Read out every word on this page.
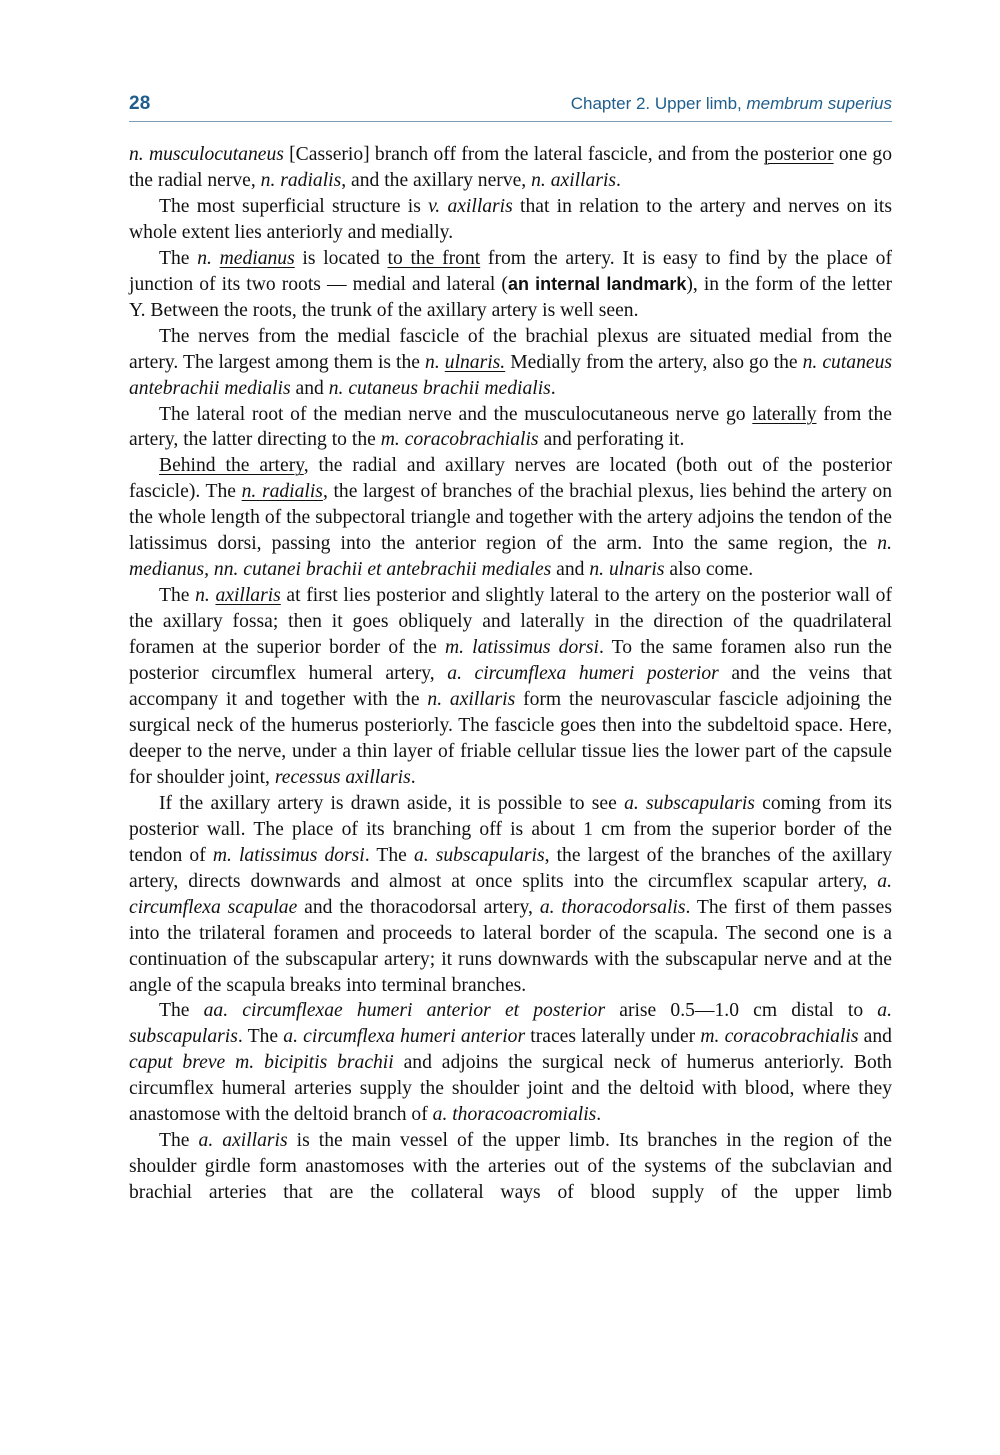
28	Chapter 2. Upper limb, membrum superius

n. musculocutaneus [Casserio] branch off from the lateral fascicle, and from the posterior one go the radial nerve, n. radialis, and the axillary nerve, n. axillaris.

The most superficial structure is v. axillaris that in relation to the artery and nerves on its whole extent lies anteriorly and medially.

The n. medianus is located to the front from the artery. It is easy to find by the place of junction of its two roots — medial and lateral (an internal landmark), in the form of the letter Y. Between the roots, the trunk of the axillary artery is well seen.

The nerves from the medial fascicle of the brachial plexus are situated medial from the artery. The largest among them is the n. ulnaris. Medially from the artery, also go the n. cutaneus antebrachii medialis and n. cutaneus brachii medialis.

The lateral root of the median nerve and the musculocutaneous nerve go laterally from the artery, the latter directing to the m. coracobrachialis and perforating it.

Behind the artery, the radial and axillary nerves are located (both out of the posterior fascicle). The n. radialis, the largest of branches of the brachial plexus, lies behind the artery on the whole length of the subpectoral triangle and together with the artery adjoins the tendon of the latissimus dorsi, passing into the anterior region of the arm. Into the same region, the n. medianus, nn. cutanei brachii et antebrachii mediales and n. ulnaris also come.

The n. axillaris at first lies posterior and slightly lateral to the artery on the posterior wall of the axillary fossa; then it goes obliquely and laterally in the direction of the quadrilateral foramen at the superior border of the m. latissimus dorsi. To the same foramen also run the posterior circumflex humeral artery, a. circumflexa humeri posterior and the veins that accompany it and together with the n. axillaris form the neurovascular fascicle adjoining the surgical neck of the humerus posteriorly. The fascicle goes then into the subdeltoid space. Here, deeper to the nerve, under a thin layer of friable cellular tissue lies the lower part of the capsule for shoulder joint, recessus axillaris.

If the axillary artery is drawn aside, it is possible to see a. subscapularis coming from its posterior wall. The place of its branching off is about 1 cm from the superior border of the tendon of m. latissimus dorsi. The a. subscapularis, the largest of the branches of the axillary artery, directs downwards and almost at once splits into the circumflex scapular artery, a. circumflexa scapulae and the thoracodorsal artery, a. thoracodorsalis. The first of them passes into the trilateral foramen and proceeds to lateral border of the scapula. The second one is a continuation of the subscapular artery; it runs downwards with the subscapular nerve and at the angle of the scapula breaks into terminal branches.

The aa. circumflexae humeri anterior et posterior arise 0.5—1.0 cm distal to a. subscapularis. The a. circumflexa humeri anterior traces laterally under m. coracobrachialis and caput breve m. bicipitis brachii and adjoins the surgical neck of humerus anteriorly. Both circumflex humeral arteries supply the shoulder joint and the deltoid with blood, where they anastomose with the deltoid branch of a. thoracoacromialis.

The a. axillaris is the main vessel of the upper limb. Its branches in the region of the shoulder girdle form anastomoses with the arteries out of the systems of the subclavian and brachial arteries that are the collateral ways of blood supply of the upper limb
